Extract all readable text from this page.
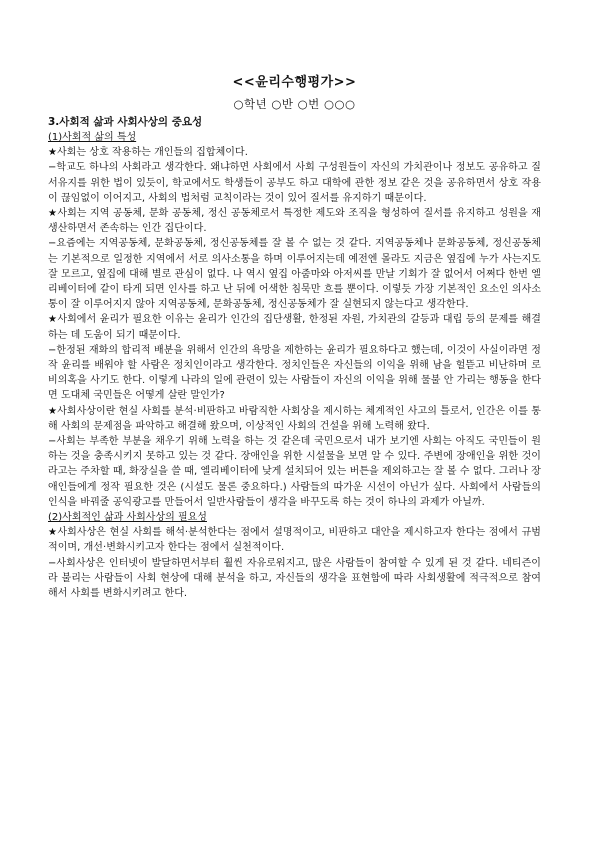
<<윤리수행평가>>

○학년 ○반 ○번 ○○○

3.사회적 삶과 사회사상의 중요성

(1)사회적 삶의 특성

★사회는 상호 작용하는 개인들의 집합체이다.

−학교도 하나의 사회라고 생각한다. 왜냐하면 사회에서 사회 구성원들이 자신의 가치관이나 정보도 공유하고 질서유지를 위한 법이 있듯이, 학교에서도 학생들이 공부도 하고 대학에 관한 정보 같은 것을 공유하면서 상호 작용이 끊임없이 이어지고, 사회의 법처럼 교칙이라는 것이 있어 질서를 유지하기 때문이다.

★사회는 지역 공동체, 문화 공동체, 정신 공동체로서 특정한 제도와 조직을 형성하여 질서를 유지하고 성원을 재생산하면서 존속하는 인간 집단이다.

−요즘에는 지역공동체, 문화공동체, 정신공동체를 잘 볼 수 없는 것 같다. 지역공동체나 문화공동체, 정신공동체는 기본적으로 일정한 지역에서 서로 의사소통을 하며 이루어지는데 예전엔 몰라도 지금은 옆집에 누가 사는지도 잘 모르고, 옆집에 대해 별로 관심이 없다. 나 역시 옆집 아줌마와 아저씨를 만날 기회가 잘 없어서 어쩌다 한번 엘리베이터에 같이 타게 되면 인사를 하고 난 뒤에 어색한 침묵만 흐를 뿐이다. 이렇듯 가장 기본적인 요소인 의사소통이 잘 이루어지지 않아 지역공동체, 문화공동체, 정신공동체가 잘 실현되지 않는다고 생각한다.

★사회에서 윤리가 필요한 이유는 윤리가 인간의 집단생활, 한정된 자원, 가치관의 갈등과 대립 등의 문제를 해결하는 데 도움이 되기 때문이다.

−한정된 재화의 합리적 배분을 위해서 인간의 욕망을 제한하는 윤리가 필요하다고 했는데, 이것이 사실이라면 정작 윤리를 배워야 할 사람은 정치인이라고 생각한다. 정치인들은 자신들의 이익을 위해 남을 헐뜯고 비난하며 로비의혹을 사기도 한다. 이렇게 나라의 일에 관련이 있는 사람들이 자신의 이익을 위해 물불 안 가리는 행동을 한다면 도대체 국민들은 어떻게 살란 말인가?

★사회사상이란 현실 사회를 분석·비판하고 바람직한 사회상을 제시하는 체계적인 사고의 틀로서, 인간은 이를 통해 사회의 문제점을 파악하고 해결해 왔으며, 이상적인 사회의 건설을 위해 노력해 왔다.

−사회는 부족한 부분을 채우기 위해 노력을 하는 것 같은데 국민으로서 내가 보기엔 사회는 아직도 국민들이 원하는 것을 충족시키지 못하고 있는 것 같다. 장애인을 위한 시설물을 보면 알 수 있다. 주변에 장애인을 위한 것이라고는 주차할 때, 화장실을 쓸 때, 엘리베이터에 낮게 설치되어 있는 버튼을 제외하고는 잘 볼 수 없다. 그러나 장애인들에게 정작 필요한 것은 (시설도 물론 중요하다.) 사람들의 따가운 시선이 아닌가 싶다. 사회에서 사람들의 인식을 바꿔줄 공익광고를 만들어서 일반사람들이 생각을 바꾸도록 하는 것이 하나의 과제가 아닐까.

(2)사회적인 삶과 사회사상의 필요성

★사회사상은 현실 사회를 해석·분석한다는 점에서 설명적이고, 비판하고 대안을 제시하고자 한다는 점에서 규범적이며, 개선·변화시키고자 한다는 점에서 실천적이다.

−사회사상은 인터넷이 발달하면서부터 훨씬 자유로워지고, 많은 사람들이 참여할 수 있게 된 것 같다. 네티즌이라 불리는 사람들이 사회 현상에 대해 분석을 하고, 자신들의 생각을 표현함에 따라 사회생활에 적극적으로 참여해서 사회를 변화시키려고 한다.
